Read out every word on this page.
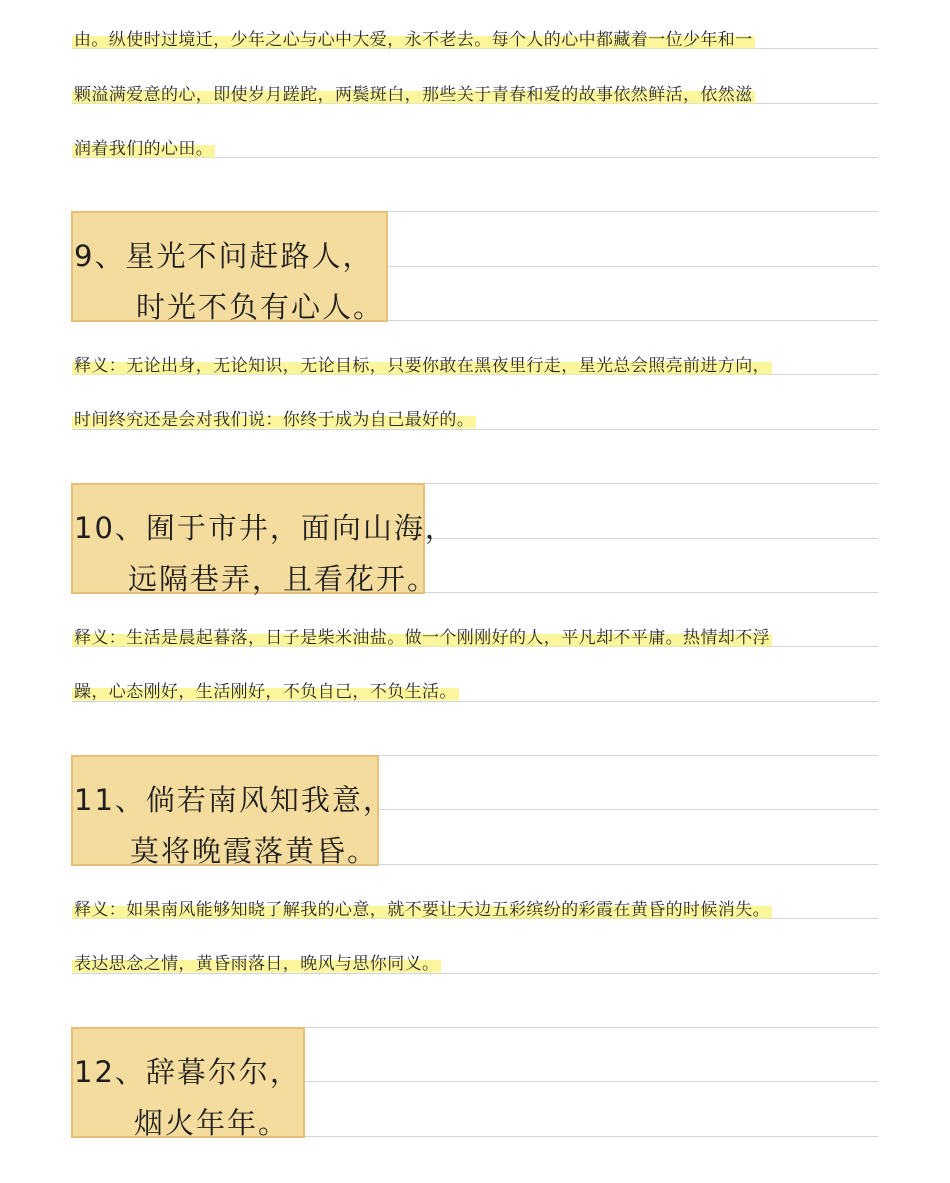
由。纵使时过境迁，少年之心与心中大爱，永不老去。每个人的心中都藏着一位少年和一
颗溢满爱意的心，即使岁月蹉跎，两鬓斑白，那些关于青春和爱的故事依然鲜活，依然滋
润着我们的心田。
9、星光不问赶路人，
时光不负有心人。
释义：无论出身，无论知识，无论目标，只要你敢在黑夜里行走，星光总会照亮前进方向，
时间终究还是会对我们说：你终于成为自己最好的。
10、囿于市井，面向山海，
远隔巷弄，且看花开。
释义：生活是晨起暮落，日子是柴米油盐。做一个刚刚好的人，平凡却不平庸。热情却不浮
躁，心态刚好，生活刚好，不负自己，不负生活。
11、倘若南风知我意，
莫将晚霞落黄昏。
释义：如果南风能够知晓了解我的心意，就不要让天边五彩缤纷的彩霞在黄昏的时候消失。
表达思念之情，黄昏雨落日，晚风与思你同义。
12、辞暮尔尔，
烟火年年。
